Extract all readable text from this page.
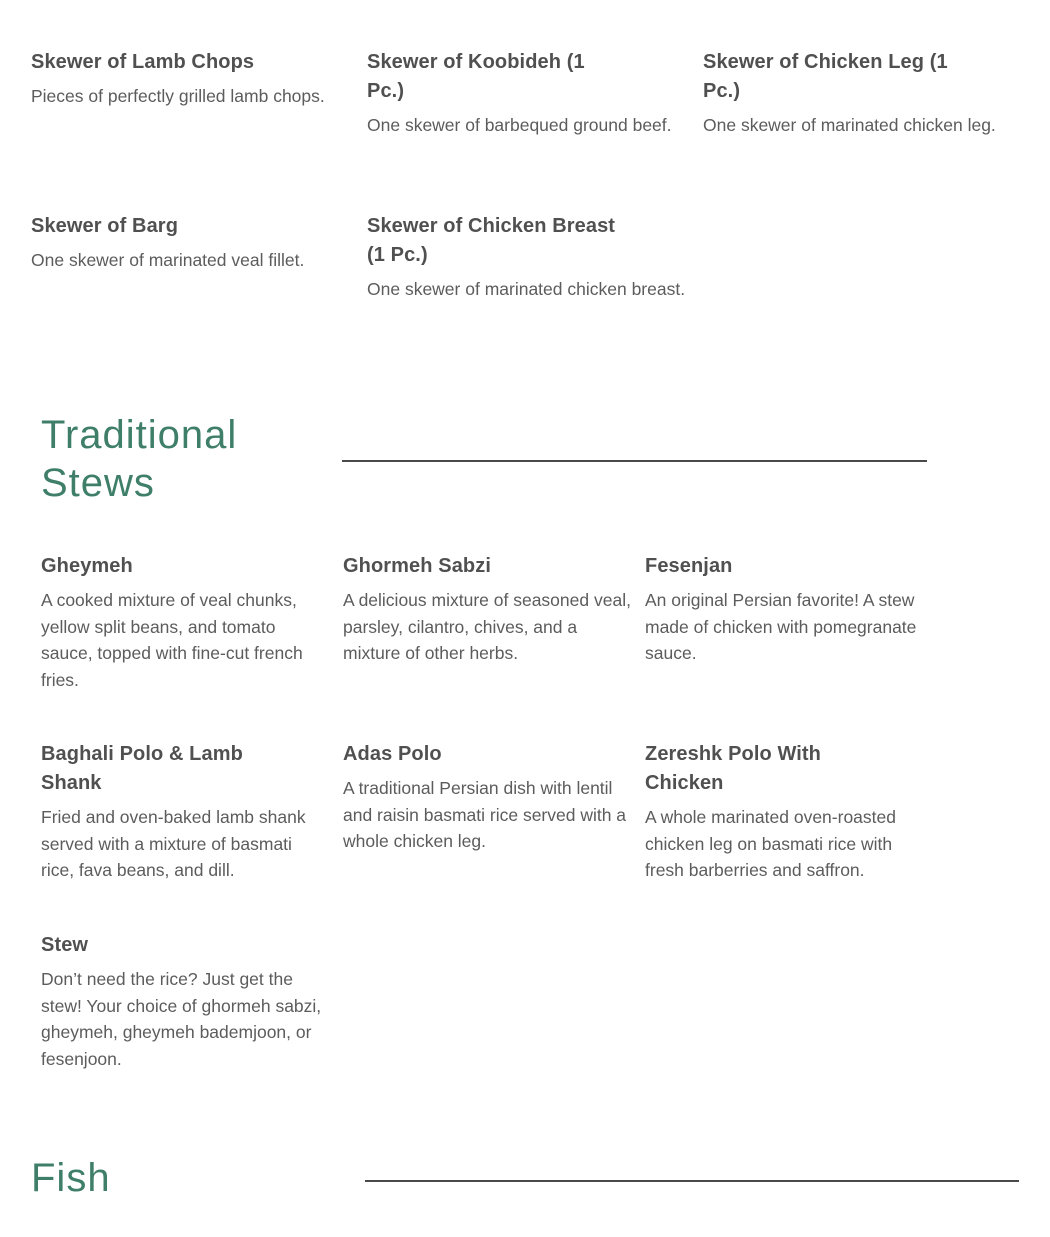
Skewer of Lamb Chops

Pieces of perfectly grilled lamb chops.

Skewer of Koobideh (1 Pc.)

One skewer of barbequed ground beef.

Skewer of Chicken Leg (1 Pc.)

One skewer of marinated chicken leg.

Skewer of Barg

One skewer of marinated veal fillet.

Skewer of Chicken Breast (1 Pc.)

One skewer of marinated chicken breast.

Traditional Stews
Gheymeh

A cooked mixture of veal chunks, yellow split beans, and tomato sauce, topped with fine-cut french fries.

Ghormeh Sabzi

A delicious mixture of seasoned veal, parsley, cilantro, chives, and a mixture of other herbs.

Fesenjan

An original Persian favorite! A stew made of chicken with pomegranate sauce.

Baghali Polo & Lamb Shank

Fried and oven-baked lamb shank served with a mixture of basmati rice, fava beans, and dill.

Adas Polo

A traditional Persian dish with lentil and raisin basmati rice served with a whole chicken leg.

Zereshk Polo With Chicken

A whole marinated oven-roasted chicken leg on basmati rice with fresh barberries and saffron.

Stew

Don’t need the rice? Just get the stew! Your choice of ghormeh sabzi, gheymeh, gheymeh bademjoon, or fesenjoon.

Fish
